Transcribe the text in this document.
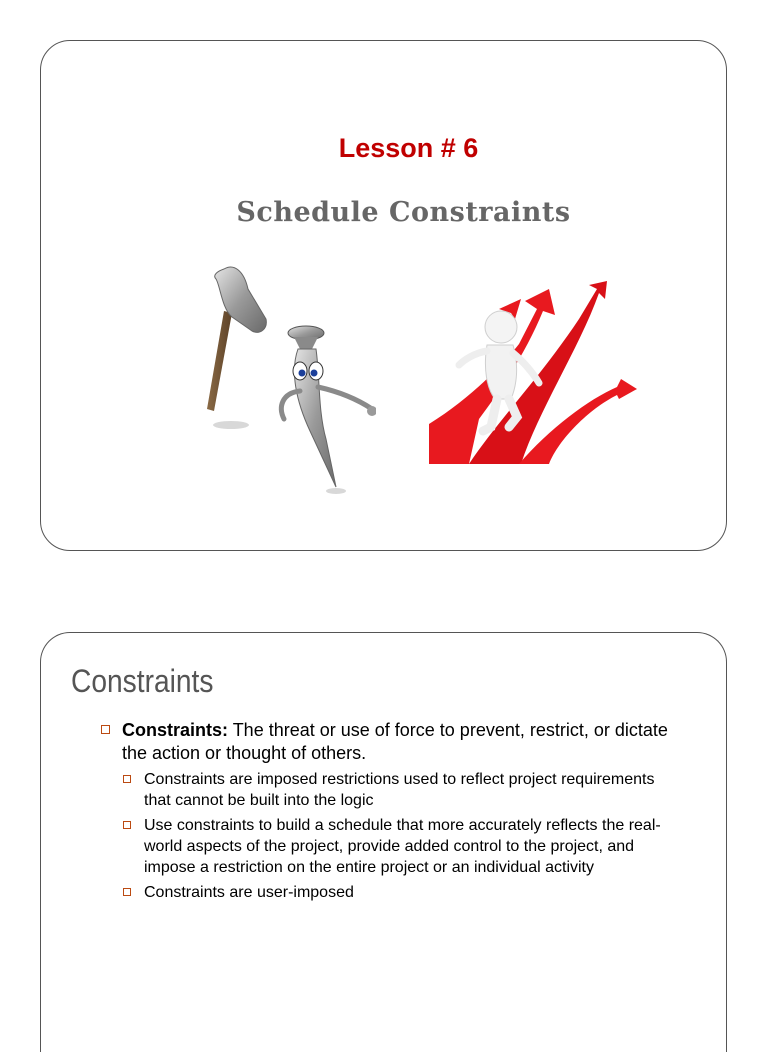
Lesson # 6
Schedule Constraints
Constraints
Constraints: The threat or use of force to prevent, restrict, or dictate the action or thought of others.
Constraints are imposed restrictions used to reflect project requirements that cannot be built into the logic
Use constraints to build a schedule that more accurately reflects the real-world aspects of the project, provide added control to the project, and impose a restriction on the entire project or an individual activity
Constraints are user-imposed
